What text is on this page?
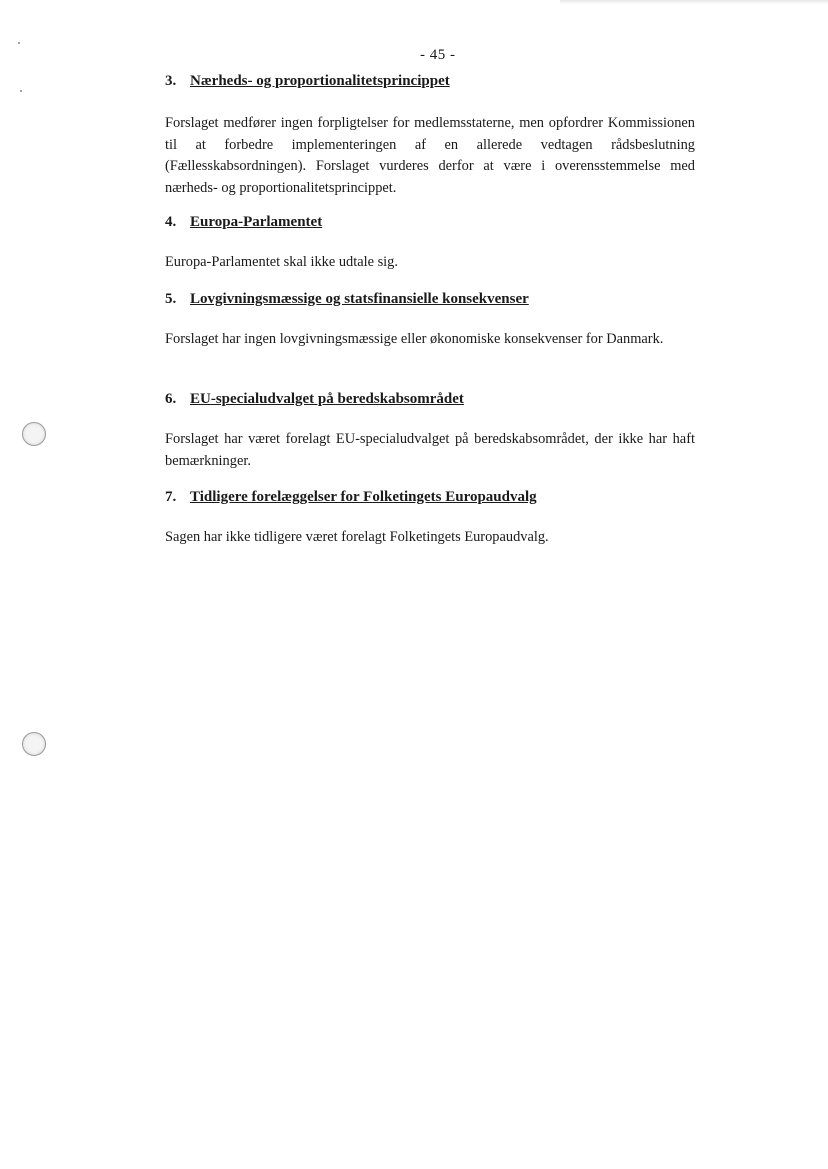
- 45 -
3. Nærheds- og proportionalitetsprincippet

Forslaget medfører ingen forpligtelser for medlemsstaterne, men opfordrer Kommissionen til at forbedre implementeringen af en allerede vedtagen rådsbeslutning (Fællesskabsordningen). Forslaget vurderes derfor at være i overensstemmelse med nærheds- og proportionalitetsprincippet.

4. Europa-Parlamentet

Europa-Parlamentet skal ikke udtale sig.

5. Lovgivningsmæssige og statsfinansielle konsekvenser

Forslaget har ingen lovgivningsmæssige eller økonomiske konsekvenser for Danmark.

6. EU-specialudvalget på beredskabsområdet

Forslaget har været forelagt EU-specialudvalget på beredskabsområdet, der ikke har haft bemærkninger.

7. Tidligere forelæggelser for Folketingets Europaudvalg

Sagen har ikke tidligere været forelagt Folketingets Europaudvalg.
